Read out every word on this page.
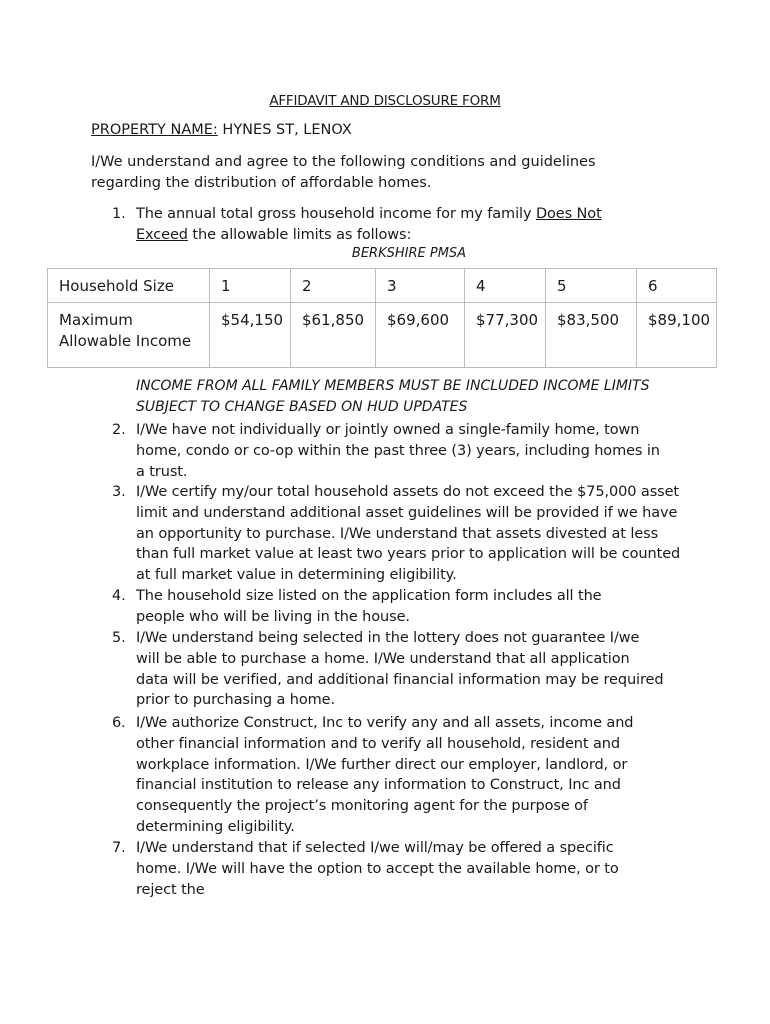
AFFIDAVIT AND DISCLOSURE FORM
PROPERTY NAME: HYNES ST, LENOX
I/We understand and agree to the following conditions and guidelines regarding the distribution of affordable homes.
1. The annual total gross household income for my family Does Not Exceed the allowable limits as follows:
BERKSHIRE PMSA
Household Size	1	2	3	4	5	6
Maximum Allowable Income	$54,150	$61,850	$69,600	$77,300	$83,500	$89,100
INCOME FROM ALL FAMILY MEMBERS MUST BE INCLUDED INCOME LIMITS SUBJECT TO CHANGE BASED ON HUD UPDATES
2. I/We have not individually or jointly owned a single-family home, town home, condo or co-op within the past three (3) years, including homes in a trust.
3. I/We certify my/our total household assets do not exceed the $75,000 asset limit and understand additional asset guidelines will be provided if we have an opportunity to purchase. I/We understand that assets divested at less than full market value at least two years prior to application will be counted at full market value in determining eligibility.
4. The household size listed on the application form includes all the people who will be living in the house.
5. I/We understand being selected in the lottery does not guarantee I/we will be able to purchase a home. I/We understand that all application data will be verified, and additional financial information may be required prior to purchasing a home.
6. I/We authorize Construct, Inc to verify any and all assets, income and other financial information and to verify all household, resident and workplace information. I/We further direct our employer, landlord, or financial institution to release any information to Construct, Inc and consequently the project’s monitoring agent for the purpose of determining eligibility.
7. I/We understand that if selected I/we will/may be offered a specific home. I/We will have the option to accept the available home, or to reject the
